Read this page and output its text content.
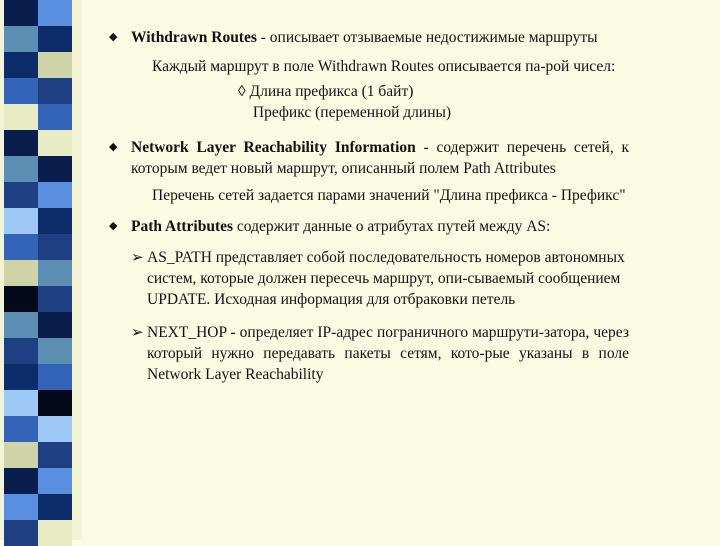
◆ Withdrawn Routes - описывает отзываемые недостижимые маршруты
Каждый маршрут в поле Withdrawn Routes описывается па-рой чисел:
◊ Длина префикса (1 байт)
Префикс (переменной длины)
◆ Network Layer Reachability Information - содержит перечень сетей, к которым ведет новый маршрут, описанный полем Path Attributes
Перечень сетей задается парами значений "Длина префикса - Префикс"
◆ Path Attributes содержит данные о атрибутах путей между AS:
➢ AS_PATH представляет собой последовательность номеров автономных систем, которые должен пересечь маршрут, опи-сываемый сообщением UPDATE. Исходная информация для отбраковки петель
➢ NEXT_HOP - определяет IP-адрес пограничного маршрути-затора, через который нужно передавать пакеты сетям, кото-рые указаны в поле Network Layer Reachability
